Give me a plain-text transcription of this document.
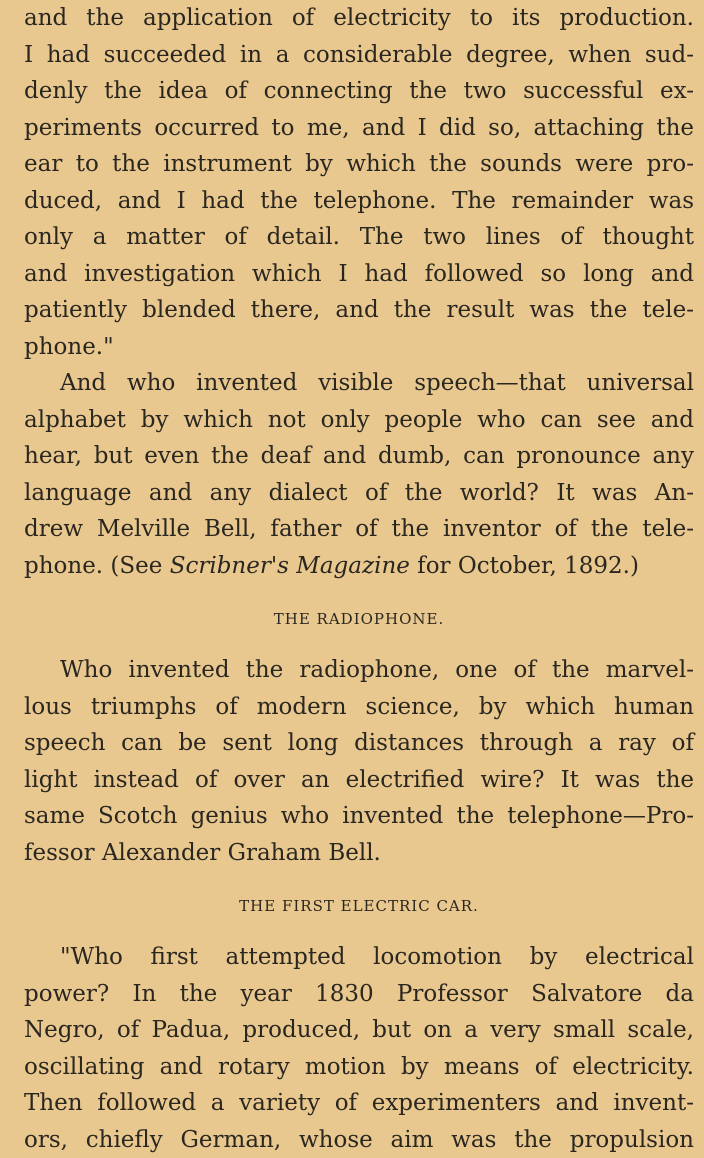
and the application of electricity to its production.
I had succeeded in a considerable degree, when sud-
denly the idea of connecting the two successful ex-
periments occurred to me, and I did so, attaching the
ear to the instrument by which the sounds were pro-
duced, and I had the telephone. The remainder was
only a matter of detail. The two lines of thought
and investigation which I had followed so long and
patiently blended there, and the result was the tele-
phone."
And who invented visible speech—that universal
alphabet by which not only people who can see and
hear, but even the deaf and dumb, can pronounce any
language and any dialect of the world? It was An-
drew Melville Bell, father of the inventor of the tele-
phone. (See Scribner's Magazine for October, 1892.)
THE RADIOPHONE.
Who invented the radiophone, one of the marvel-
lous triumphs of modern science, by which human
speech can be sent long distances through a ray of
light instead of over an electrified wire? It was the
same Scotch genius who invented the telephone—Pro-
fessor Alexander Graham Bell.
THE FIRST ELECTRIC CAR.
"Who first attempted locomotion by electrical
power? In the year 1830 Professor Salvatore da
Negro, of Padua, produced, but on a very small scale,
oscillating and rotary motion by means of electricity.
Then followed a variety of experimenters and invent-
ors, chiefly German, whose aim was the propulsion
